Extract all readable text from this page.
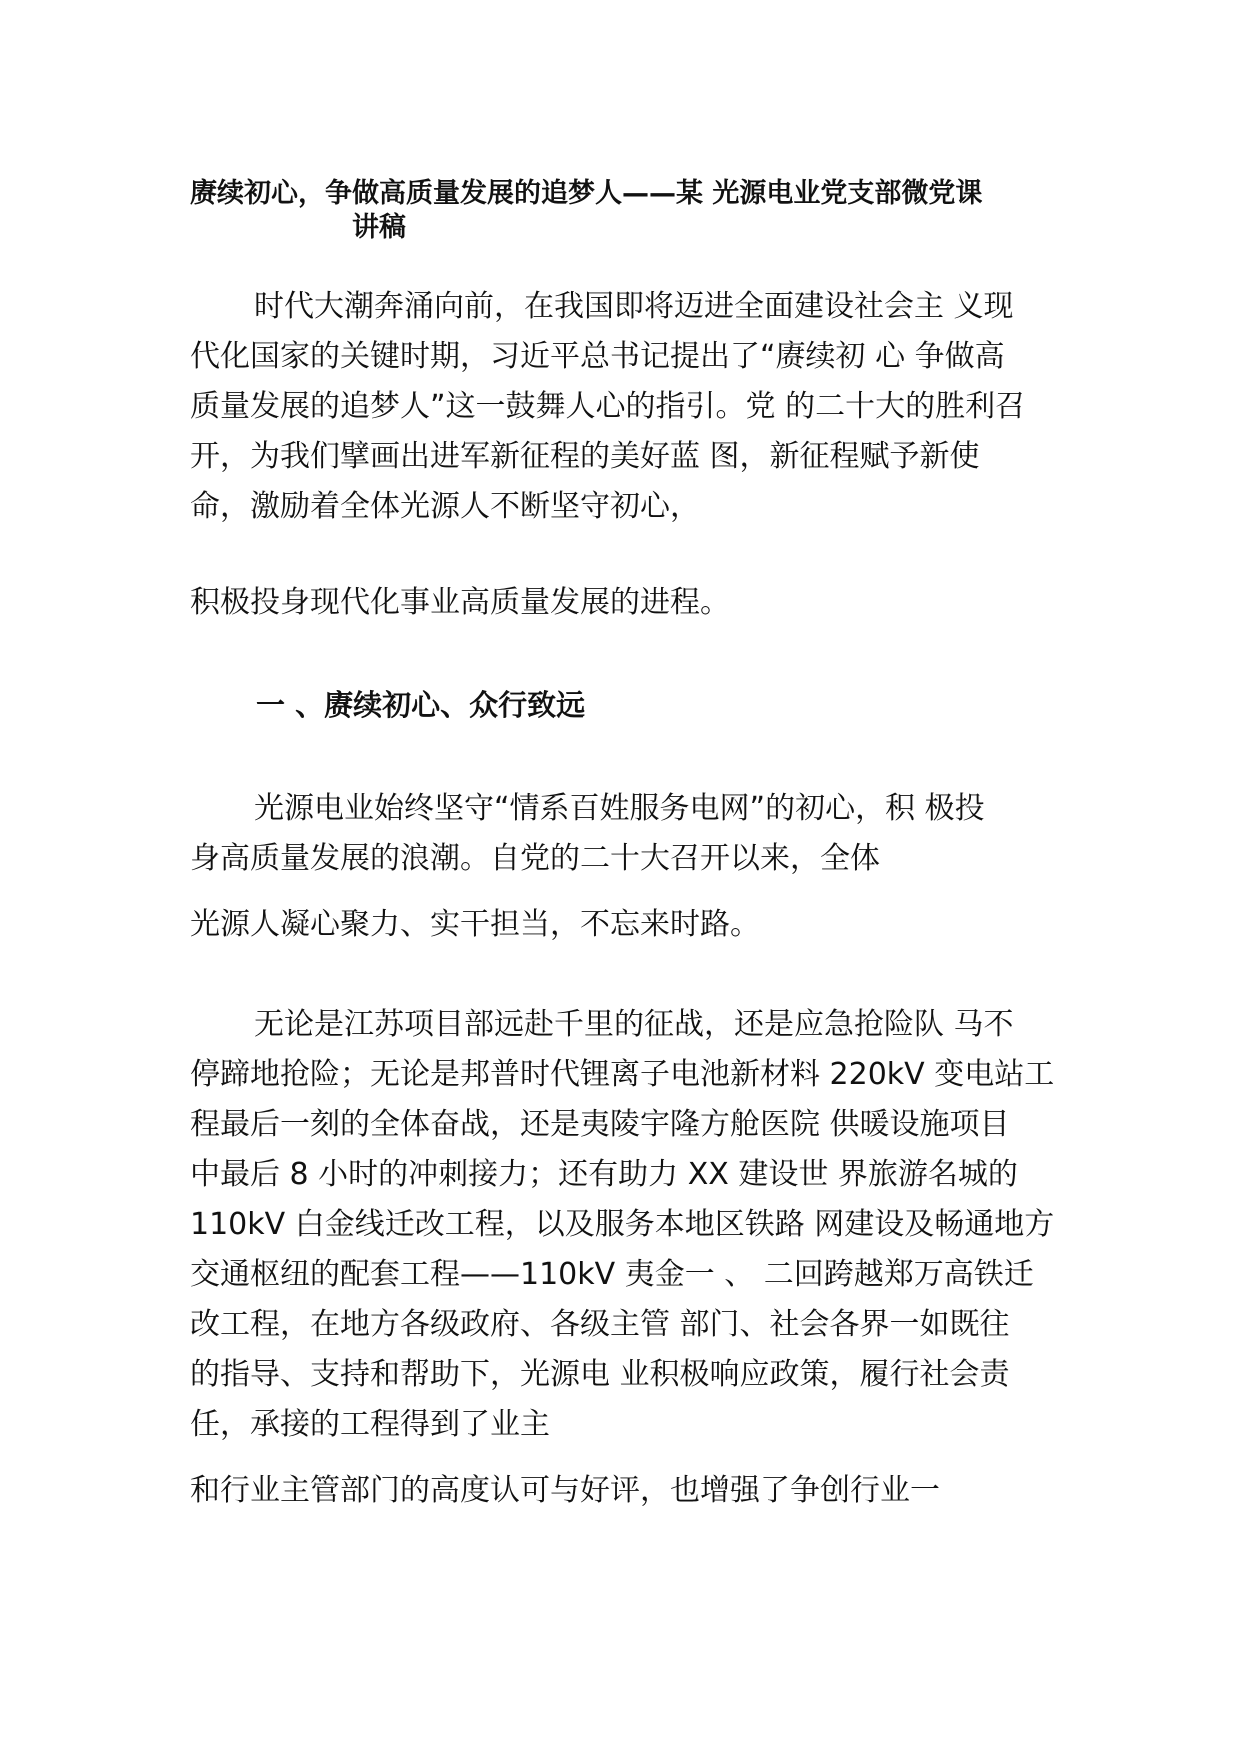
赓续初心，争做高质量发展的追梦人——某 光源电业党支部微党课
讲稿
时代大潮奔涌向前，在我国即将迈进全面建设社会主 义现
代化国家的关键时期，习近平总书记提出了“赓续初 心 争做高
质量发展的追梦人”这一鼓舞人心的指引。党 的二十大的胜利召
开，为我们擘画出进军新征程的美好蓝 图，新征程赋予新使
命，激励着全体光源人不断坚守初心，

积极投身现代化事业高质量发展的进程。

一 、赓续初心、众行致远
光源电业始终坚守“情系百姓服务电网”的初心，积 极投
身高质量发展的浪潮。自党的二十大召开以来，全体

光源人凝心聚力、实干担当，不忘来时路。

无论是江苏项目部远赴千里的征战，还是应急抢险队 马不
停蹄地抢险；无论是邦普时代锂离子电池新材料 220kV 变电站工
程最后一刻的全体奋战，还是夷陵宇隆方舱医院 供暖设施项目
中最后 8 小时的冲刺接力；还有助力 XX 建设世 界旅游名城的
110kV 白金线迁改工程，以及服务本地区铁路 网建设及畅通地方
交通枢纽的配套工程——110kV 夷金一 、 二回跨越郑万高铁迁
改工程，在地方各级政府、各级主管 部门、社会各界一如既往
的指导、支持和帮助下，光源电 业积极响应政策，履行社会责
任，承接的工程得到了业主

和行业主管部门的高度认可与好评，也增强了争创行业一
